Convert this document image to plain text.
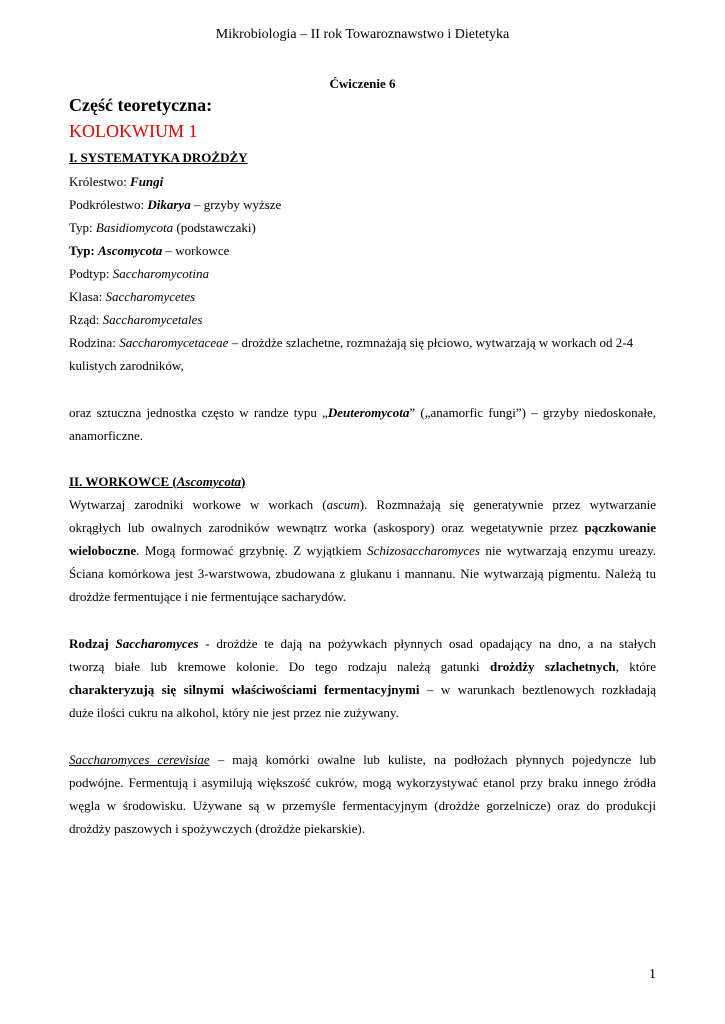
Mikrobiologia – II rok Towaroznawstwo i Dietetyka
Ćwiczenie 6
Część teoretyczna:
KOLOKWIUM 1
I. SYSTEMATYKA DROŻDŻY
Królestwo: Fungi
Podkrólestwo: Dikarya – grzyby wyższe
Typ: Basidiomycota (podstawczaki)
Typ: Ascomycota – workowce
Podtyp: Saccharomycotina
Klasa: Saccharomycetes
Rząd: Saccharomycetales
Rodzina: Saccharomycetaceae – drożdże szlachetne, rozmnażają się płciowo, wytwarzają w workach od 2-4
kulistych zarodników,
oraz sztuczna jednostka często w randze typu „Deuteromycota” („anamorfic fungi”) – grzyby niedoskonałe,
anamorficzne.
II. WORKOWCE (Ascomycota)
Wytwarzaj zarodniki workowe w workach (ascum). Rozmnażają się generatywnie przez wytwarzanie
okrągłych lub owalnych zarodników wewnątrz worka (askospory) oraz wegetatywnie przez pączkowanie
wieloboczne. Mogą formować grzybnię. Z wyjątkiem Schizosaccharomyces nie wytwarzają enzymu ureazy.
Ściana komórkowa jest 3-warstwowa, zbudowana z glukanu i mannanu. Nie wytwarzają pigmentu. Należą tu
drożdże fermentujące i nie fermentujące sacharydów.
Rodzaj Saccharomyces - drożdże te dają na pożywkach płynnych osad opadający na dno, a na stałych
tworzą białe lub kremowe kolonie. Do tego rodzaju należą gatunki drożdży szlachetnych, które
charakteryzują się silnymi właściwościami fermentacyjnymi – w warunkach beztlenowych rozkładają
duże ilości cukru na alkohol, który nie jest przez nie zużywany.
Saccharomyces cerevisiae – mają komórki owalne lub kuliste, na podłożach płynnych pojedyncze lub
podwójne. Fermentują i asymilują większość cukrów, mogą wykorzystywać etanol przy braku innego źródła
węgla w środowisku. Używane są w przemyśle fermentacyjnym (drożdże gorzelnicze) oraz do produkcji
drożdży paszowych i spożywczych (drożdże piekarskie).
1
